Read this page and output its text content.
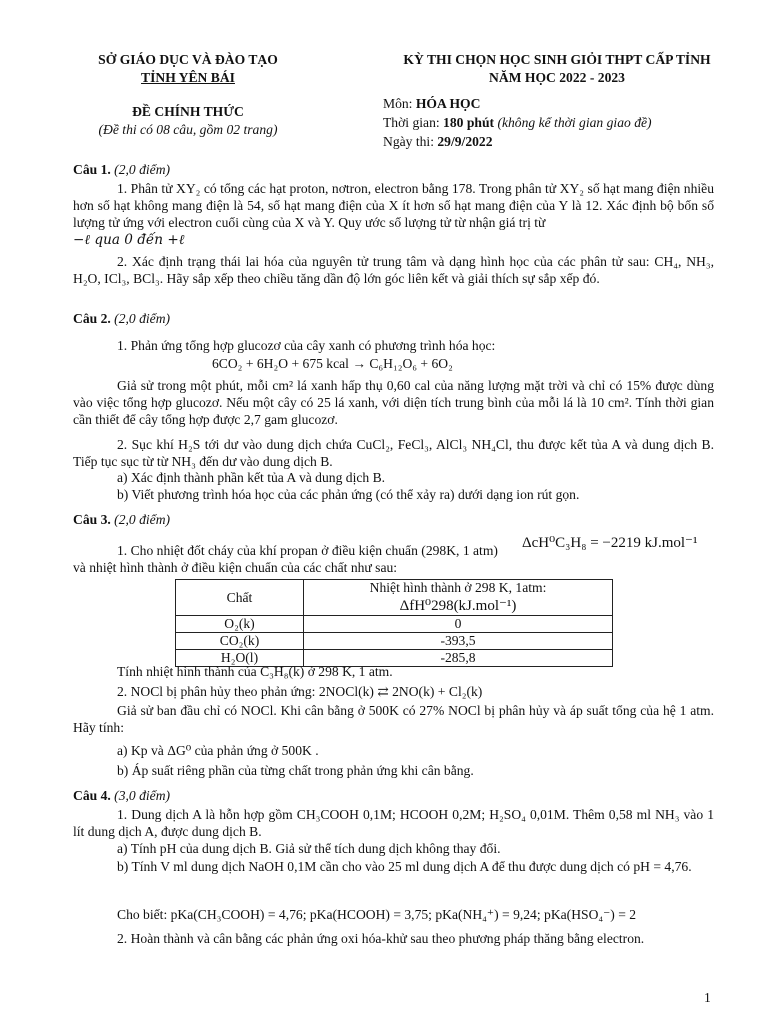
SỞ GIÁO DỤC VÀ ĐÀO TẠO
TỈNH YÊN BÁI
ĐỀ CHÍNH THỨC
(Đề thi có 08 câu, gồm 02 trang)
KỲ THI CHỌN HỌC SINH GIỎI THPT CẤP TỈNH
NĂM HỌC 2022 - 2023
Môn: HÓA HỌC
Thời gian: 180 phút (không kể thời gian giao đề)
Ngày thi: 29/9/2022
Câu 1. (2,0 điểm)
1. Phân tử XY₂ có tổng các hạt proton, nơtron, electron bằng 178. Trong phân tử XY₂ số hạt mang điện nhiều hơn số hạt không mang điện là 54, số hạt mang điện của X ít hơn số hạt mang điện của Y là 12. Xác định bộ bốn số lượng tử ứng với electron cuối cùng của X và Y. Quy ước số lượng tử từ nhận giá trị từ
−ℓ qua 0 đến +ℓ
2. Xác định trạng thái lai hóa của nguyên tử trung tâm và dạng hình học của các phân tử sau: CH₄, NH₃, H₂O, ICl₃, BCl₃. Hãy sắp xếp theo chiều tăng dần độ lớn góc liên kết và giải thích sự sắp xếp đó.
Câu 2. (2,0 điểm)
1. Phản ứng tổng hợp glucozơ của cây xanh có phương trình hóa học:
6CO₂ + 6H₂O + 675 kcal → C₆H₁₂O₆ + 6O₂
Giả sử trong một phút, mỗi cm² lá xanh hấp thụ 0,60 cal của năng lượng mặt trời và chỉ có 15% được dùng vào việc tổng hợp glucozơ. Nếu một cây có 25 lá xanh, với diện tích trung bình của mỗi lá là 10 cm². Tính thời gian cần thiết để cây tổng hợp được 2,7 gam glucozơ.
2. Sục khí H₂S tới dư vào dung dịch chứa CuCl₂, FeCl₃, AlCl₃ NH₄Cl, thu được kết tủa A và dung dịch B. Tiếp tục sục từ từ NH₃ đến dư vào dung dịch B.
a) Xác định thành phần kết tủa A và dung dịch B.
b) Viết phương trình hóa học của các phản ứng (có thể xảy ra) dưới dạng ion rút gọn.
Câu 3. (2,0 điểm)
1. Cho nhiệt đốt cháy của khí propan ở điều kiện chuẩn (298K, 1 atm) ΔcH⁰C₃H₈ = −2219 kJ.mol⁻¹
và nhiệt hình thành ở điều kiện chuẩn của các chất như sau:
Chất	Nhiệt hình thành ở 298 K, 1atm: ΔfH⁰298(kJ.mol⁻¹)
O₂(k)	0
CO₂(k)	-393,5
H₂O(l)	-285,8
Tính nhiệt hình thành của C₃H₈(k) ở 298 K, 1 atm.
2. NOCl bị phân hủy theo phản ứng: 2NOCl(k) ⇄ 2NO(k) + Cl₂(k)
Giả sử ban đầu chỉ có NOCl. Khi cân bằng ở 500K có 27% NOCl bị phân hủy và áp suất tổng của hệ 1 atm. Hãy tính:
a) Kp và ΔG⁰ của phản ứng ở 500K .
b) Áp suất riêng phần của từng chất trong phản ứng khi cân bằng.
Câu 4. (3,0 điểm)
1. Dung dịch A là hỗn hợp gồm CH₃COOH 0,1M; HCOOH 0,2M; H₂SO₄ 0,01M. Thêm 0,58 ml NH₃ vào 1 lít dung dịch A, được dung dịch B.
a) Tính pH của dung dịch B. Giả sử thể tích dung dịch không thay đổi.
b) Tính V ml dung dịch NaOH 0,1M cần cho vào 25 ml dung dịch A để thu được dung dịch có pH = 4,76.
Cho biết: pKa(CH₃COOH) = 4,76; pKa(HCOOH) = 3,75; pKa(NH₄⁺) = 9,24; pKa(HSO₄⁻) = 2
2. Hoàn thành và cân bằng các phản ứng oxi hóa-khử sau theo phương pháp thăng bằng electron.
1
